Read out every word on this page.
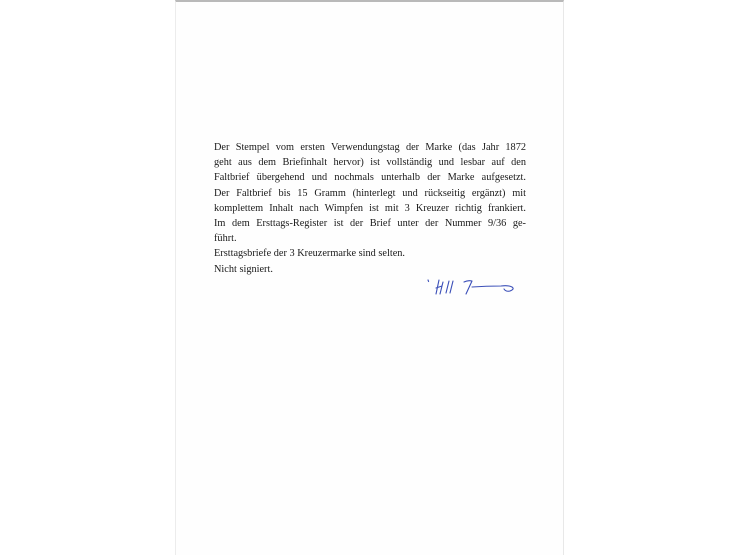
Der Stempel vom ersten Verwendungstag der Marke (das Jahr 1872
geht aus dem Briefinhalt hervor) ist vollständig und lesbar auf den
Faltbrief übergehend und nochmals unterhalb der Marke aufgesetzt.
Der Faltbrief bis 15 Gramm (hinterlegt und rückseitig ergänzt) mit
komplettem Inhalt nach Wimpfen ist mit 3 Kreuzer richtig frankiert.
Im dem Ersttags-Register ist der Brief unter der Nummer 9/36 ge-
führt.
Ersttagsbriefe der 3 Kreuzermarke sind selten.
Nicht signiert.
